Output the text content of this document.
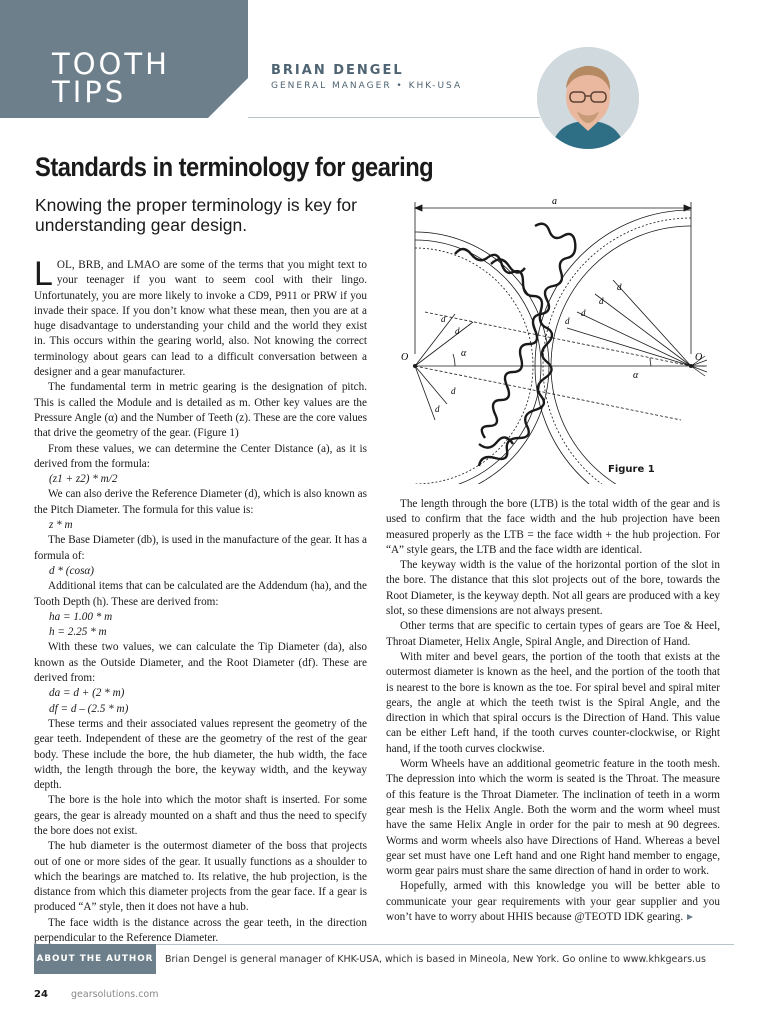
TOOTH
TIPS
BRIAN DENGEL
GENERAL MANAGER • KHK-USA
Standards in terminology for gearing
Knowing the proper terminology is key for understanding gear design.

LOL, BRB, and LMAO are some of the terms that you might text to your teenager if you want to seem cool with their lingo. Unfortunately, you are more likely to invoke a CD9, P911 or PRW if you invade their space. If you don’t know what these mean, then you are at a huge disadvantage to understanding your child and the world they exist in. This occurs within the gearing world, also. Not knowing the correct terminology about gears can lead to a difficult conversation between a designer and a gear manufacturer.

The fundamental term in metric gearing is the designation of pitch. This is called the Module and is detailed as m. Other key values are the Pressure Angle (α) and the Number of Teeth (z). These are the core values that drive the geometry of the gear. (Figure 1)

From these values, we can determine the Center Distance (a), as it is derived from the formula:

(z1 + z2) * m/2

We can also derive the Reference Diameter (d), which is also known as the Pitch Diameter. The formula for this value is:

z * m

The Base Diameter (db), is used in the manufacture of the gear. It has a formula of:

d * (cosα)

Additional items that can be calculated are the Addendum (ha), and the Tooth Depth (h). These are derived from:

ha = 1.00 * m

h = 2.25 * m

With these two values, we can calculate the Tip Diameter (da), also known as the Outside Diameter, and the Root Diameter (df). These are derived from:

da = d + (2 * m)

df = d – (2.5 * m)

These terms and their associated values represent the geometry of the gear teeth. Independent of these are the geometry of the rest of the gear body. These include the bore, the hub diameter, the hub width, the face width, the length through the bore, the keyway width, and the keyway depth.

The bore is the hole into which the motor shaft is inserted. For some gears, the gear is already mounted on a shaft and thus the need to specify the bore does not exist.

The hub diameter is the outermost diameter of the boss that projects out of one or more sides of the gear. It usually functions as a shoulder to which the bearings are matched to. Its relative, the hub projection, is the distance from which this diameter projects from the gear face. If a gear is produced “A” style, then it does not have a hub.

The face width is the distance across the gear teeth, in the direction perpendicular to the Reference Diameter.

a
O	O
α
α
d
d
d
d
d
d
d
d
Figure 1

The length through the bore (LTB) is the total width of the gear and is used to confirm that the face width and the hub projection have been measured properly as the LTB = the face width + the hub projection. For “A” style gears, the LTB and the face width are identical.

The keyway width is the value of the horizontal portion of the slot in the bore. The distance that this slot projects out of the bore, towards the Root Diameter, is the keyway depth. Not all gears are produced with a key slot, so these dimensions are not always present.

Other terms that are specific to certain types of gears are Toe & Heel, Throat Diameter, Helix Angle, Spiral Angle, and Direction of Hand.

With miter and bevel gears, the portion of the tooth that exists at the outermost diameter is known as the heel, and the portion of the tooth that is nearest to the bore is known as the toe. For spiral bevel and spiral miter gears, the angle at which the teeth twist is the Spiral Angle, and the direction in which that spiral occurs is the Direction of Hand. This value can be either Left hand, if the tooth curves counter-clockwise, or Right hand, if the tooth curves clockwise.

Worm Wheels have an additional geometric feature in the tooth mesh. The depression into which the worm is seated is the Throat. The measure of this feature is the Throat Diameter. The inclination of teeth in a worm gear mesh is the Helix Angle. Both the worm and the worm wheel must have the same Helix Angle in order for the pair to mesh at 90 degrees. Worms and worm wheels also have Directions of Hand. Whereas a bevel gear set must have one Left hand and one Right hand member to engage, worm gear pairs must share the same direction of hand in order to work.

Hopefully, armed with this knowledge you will be better able to communicate your gear requirements with your gear supplier and you won’t have to worry about HHIS because @TEOTD IDK gearing.

ABOUT THE AUTHOR Brian Dengel is general manager of KHK-USA, which is based in Mineola, New York. Go online to www.khkgears.us
24 gearsolutions.com
